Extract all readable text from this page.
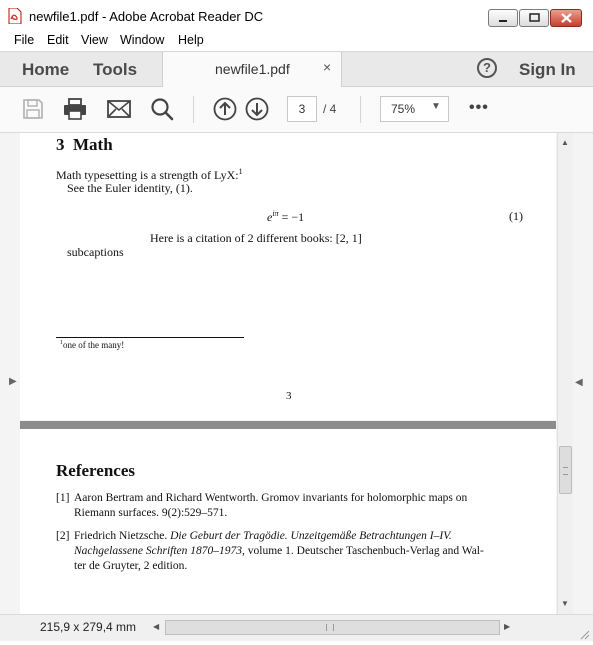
newfile1.pdf - Adobe Acrobat Reader DC
File Edit View Window Help
Home Tools	newfile1.pdf ×	? Sign In
3	/ 4	75% ▼ •••
▶
3 Math
Math typesetting is a strength of LyX:$^1$
See the Euler identity, (1).
$e^{i\pi} = -1$	(1)
Here is a citation of 2 different books: [2, 1]
subcaptions
$^1$one of the many!
3
References
[1] Aaron Bertram and Richard Wentworth. Gromov invariants for holomorphic maps on
Riemann surfaces. 9(2):529–571.
[2] Friedrich Nietzsche. Die Geburt der Tragödie. Unzeitgemäße Betrachtungen I–IV.
Nachgelassene Schriften 1870–1973, volume 1. Deutscher Taschenbuch-Verlag and Wal-
ter de Gruyter, 2 edition.
◀
▲
▼
215,9 x 279,4 mm ◀	▶
